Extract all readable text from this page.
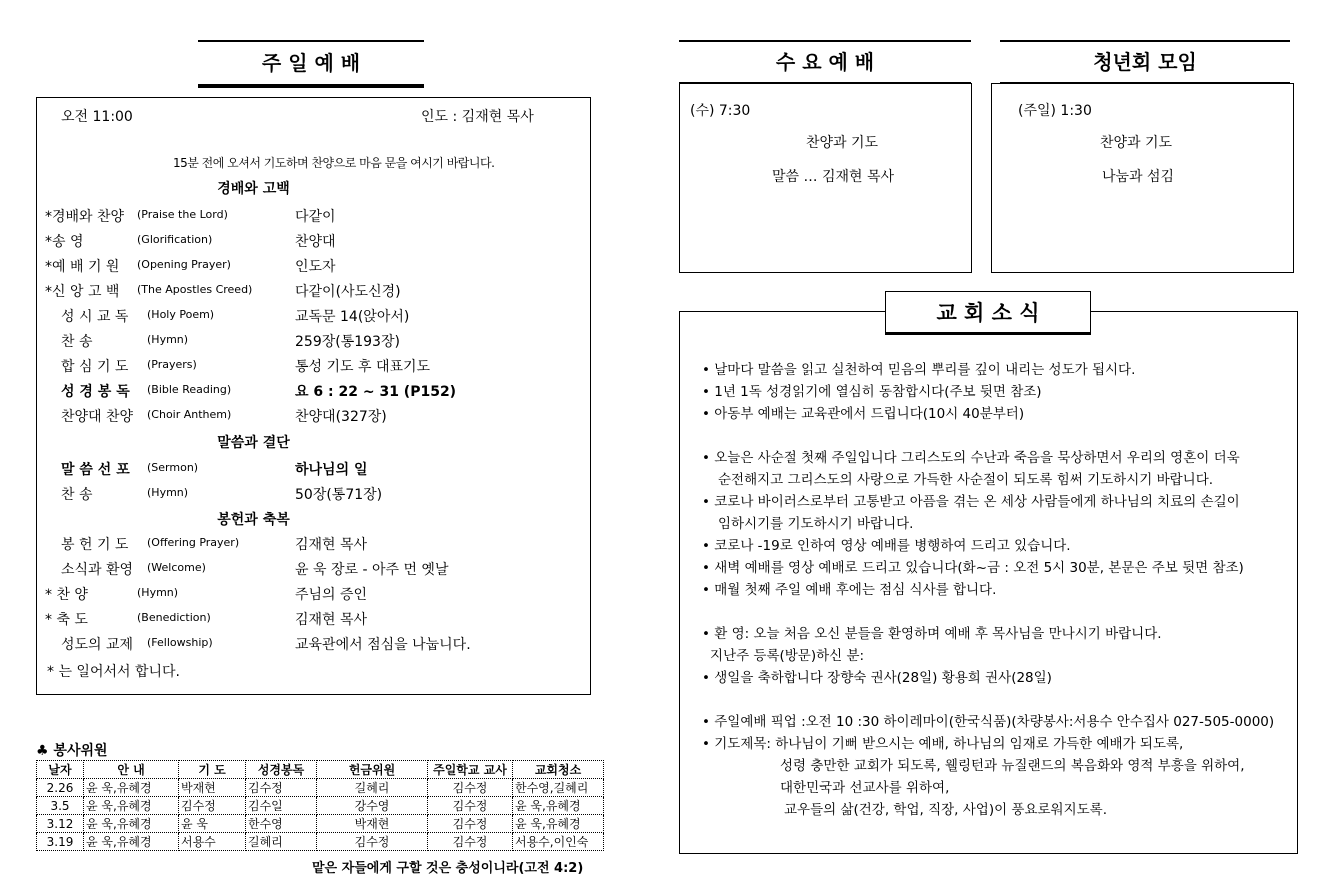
주 일 예 배
오전 11:00	인도 : 김재현 목사
15분 전에 오셔서 기도하며 찬양으로 마음 문을 여시기 바랍니다.
경배와 고백
말씀과 결단
봉헌과 축복
*경배와 찬양 (Praise the Lord)	다같이
*송 영	(Glorification)	찬양대
*예 배 기 원 (Opening Prayer)	인도자
*신 앙 고 백 (The Apostles Creed)	다같이(사도신경)
성 시 교 독 (Holy Poem)	교독문 14(앉아서)
찬 송	(Hymn)	259장(통193장)
합 심 기 도 (Prayers)	통성 기도 후 대표기도
성 경 봉 독 (Bible Reading)	요 6 : 22 ~ 31 (P152)
찬양대 찬양 (Choir Anthem)	찬양대(327장)
말 씀 선 포 (Sermon)	하나님의 일
찬 송	(Hymn)	50장(통71장)
봉 헌 기 도 (Offering Prayer)	김재현 목사
소식과 환영 (Welcome)	윤 욱 장로 - 아주 먼 옛날
* 찬 양	(Hymn)	주님의 증인
* 축 도	(Benediction)	김재현 목사
성도의 교제 (Fellowship)	교육관에서 점심을 나눕니다.
* 는 일어서서 합니다.
♣ 봉사위원
날자	안 내	기 도	성경봉독	헌금위원	주일학교 교사	교회청소
2.26	윤 욱,유혜경	박재현	김수정	길혜리	김수정	한수영,길혜리
3.5	윤 욱,유혜경	김수정	김수일	강수영	김수정	윤 욱,유혜경
3.12	윤 욱,유혜경	윤 욱	한수영	박재현	김수정	윤 욱,유혜경
3.19	윤 욱,유혜경	서용수	길혜리	김수정	김수정	서용수,이인숙
맡은 자들에게 구할 것은 충성이니라(고전 4:2)
수 요 예 배
(수) 7:30
찬양과 기도
말씀 … 김재현 목사
청년회 모임
(주일) 1:30
찬양과 기도
나눔과 섬김

• 날마다 말씀을 읽고 실천하여 믿음의 뿌리를 깊이 내리는 성도가 됩시다.

• 1년 1독 성경읽기에 열심히 동참합시다(주보 뒷면 참조)

• 아동부 예배는 교육관에서 드립니다(10시 40분부터)

• 오늘은 사순절 첫째 주일입니다 그리스도의 수난과 죽음을 묵상하면서 우리의 영혼이 더욱

순전해지고 그리스도의 사랑으로 가득한 사순절이 되도록 힘써 기도하시기 바랍니다.

• 코로나 바이러스로부터 고통받고 아픔을 겪는 온 세상 사람들에게 하나님의 치료의 손길이

임하시기를 기도하시기 바랍니다.

• 코로나 -19로 인하여 영상 예배를 병행하여 드리고 있습니다.

• 새벽 예배를 영상 예배로 드리고 있습니다(화~금 : 오전 5시 30분, 본문은 주보 뒷면 참조)

• 매월 첫째 주일 예배 후에는 점심 식사를 합니다.

• 환 영: 오늘 처음 오신 분들을 환영하며 예배 후 목사님을 만나시기 바랍니다.

지난주 등록(방문)하신 분:

• 생일을 축하합니다 장향숙 권사(28일) 황용희 권사(28일)

• 주일예배 픽업 :오전 10 :30 하이레마이(한국식품)(차량봉사:서용수 안수집사 027-505-0000)

• 기도제목: 하나님이 기뻐 받으시는 예배, 하나님의 임재로 가득한 예배가 되도록,

성령 충만한 교회가 되도록, 웰링턴과 뉴질랜드의 복음화와 영적 부흥을 위하여,

대한민국과 선교사를 위하여,

교우들의 삶(건강, 학업, 직장, 사업)이 풍요로워지도록.

교 회 소 식
